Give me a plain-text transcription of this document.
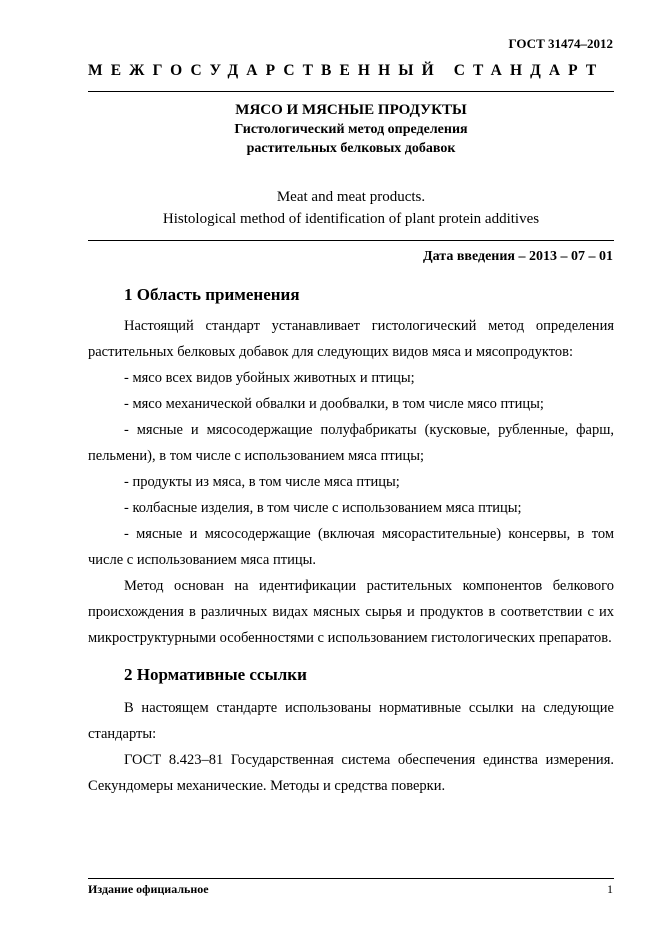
ГОСТ 31474–2012
МЕЖГОСУДАРСТВЕННЫЙ СТАНДАРТ
МЯСО И МЯСНЫЕ ПРОДУКТЫ
Гистологический метод определения
растительных белковых добавок
Meat and meat products.
Histological method of identification of plant protein additives
Дата введения – 2013 – 07 – 01
1 Область применения

Настоящий стандарт устанавливает гистологический метод определения растительных белковых добавок для следующих видов мяса и мясопродуктов:

- мясо всех видов убойных животных и птицы;

- мясо механической обвалки и дообвалки, в том числе мясо птицы;

- мясные и мясосодержащие полуфабрикаты (кусковые, рубленные, фарш, пельмени), в том числе с использованием мяса птицы;

- продукты из мяса, в том числе мяса птицы;

- колбасные изделия, в том числе с использованием мяса птицы;

- мясные и мясосодержащие (включая мясорастительные) консервы, в том числе с использованием мяса птицы.

Метод основан на идентификации растительных компонентов белкового происхождения в различных видах мясных сырья и продуктов в соответствии с их микроструктурными особенностями с использованием гистологических препаратов.

2 Нормативные ссылки

В настоящем стандарте использованы нормативные ссылки на следующие стандарты:

ГОСТ 8.423–81 Государственная система обеспечения единства измерения. Секундомеры механические. Методы и средства поверки.

Издание официальное	1
